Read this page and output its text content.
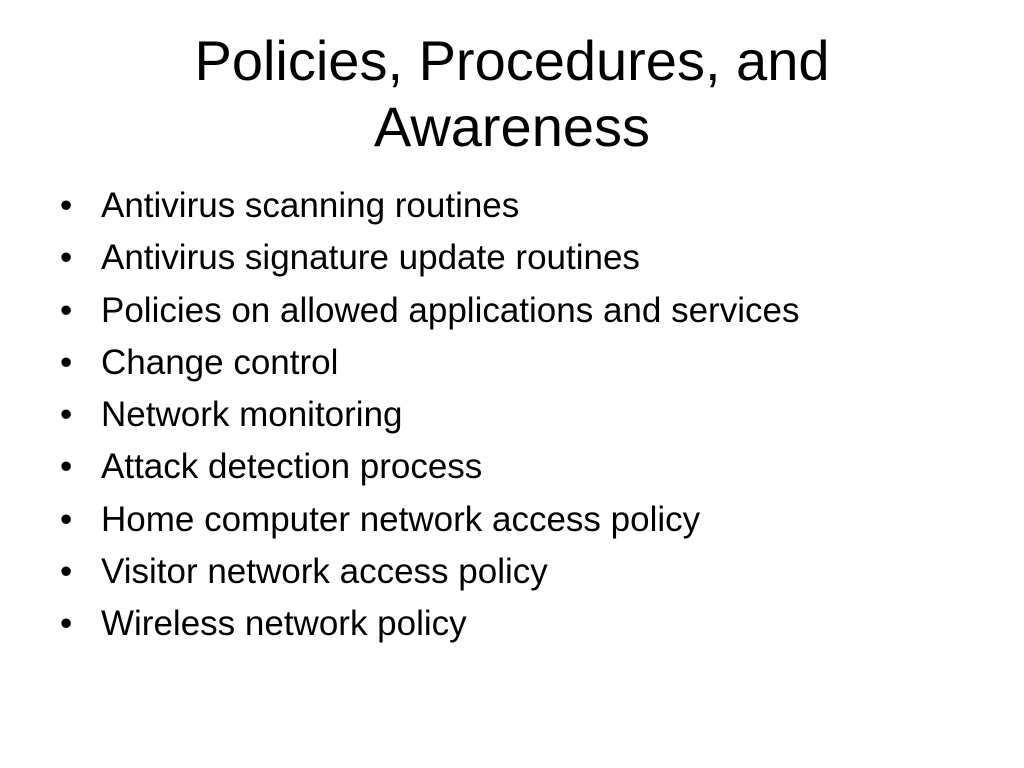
Policies, Procedures, and
Awareness
• Antivirus scanning routines
• Antivirus signature update routines
• Policies on allowed applications and services
• Change control
• Network monitoring
• Attack detection process
• Home computer network access policy
• Visitor network access policy
• Wireless network policy
